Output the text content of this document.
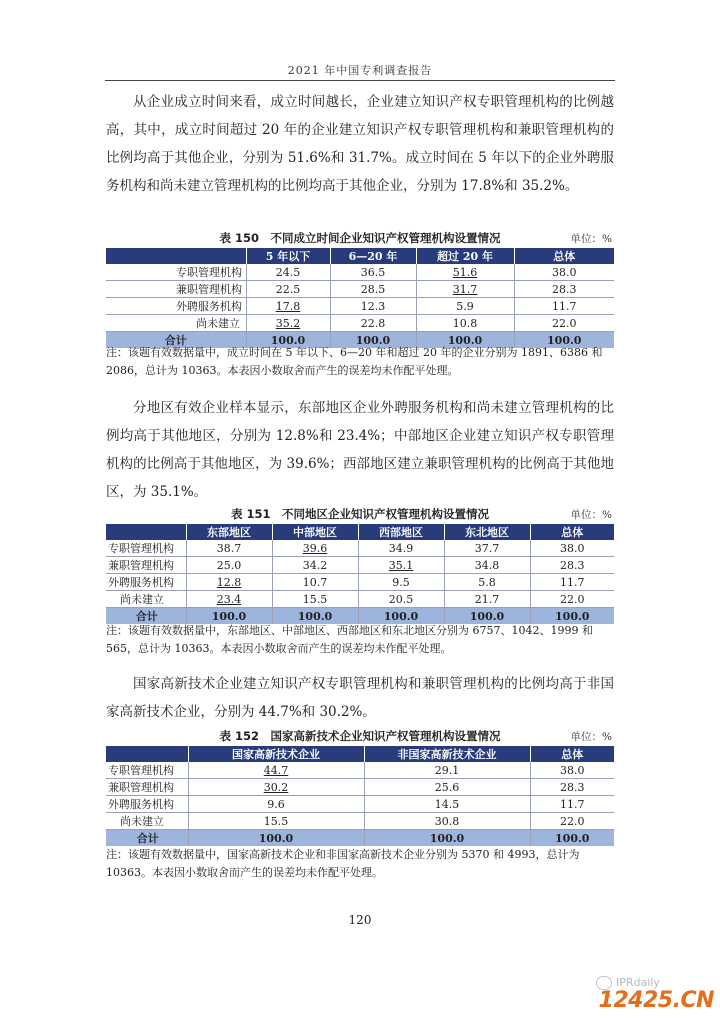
2021 年中国专利调查报告

从企业成立时间来看，成立时间越长，企业建立知识产权专职管理机构的比例越高，其中，成立时间超过 20 年的企业建立知识产权专职管理机构和兼职管理机构的比例均高于其他企业，分别为 51.6%和 31.7%。成立时间在 5 年以下的企业外聘服务机构和尚未建立管理机构的比例均高于其他企业，分别为 17.8%和 35.2%。

表 150　不同成立时间企业知识产权管理机构设置情况	单位：%
	5 年以下	6—20 年	超过 20 年	总体
专职管理机构	24.5	36.5	51.6	38.0
兼职管理机构	22.5	28.5	31.7	28.3
外聘服务机构	17.8	12.3	5.9	11.7
尚未建立	35.2	22.8	10.8	22.0
合计	100.0	100.0	100.0	100.0

注：该题有效数据量中，成立时间在 5 年以下、6—20 年和超过 20 年的企业分别为 1891、6386 和 2086，总计为 10363。本表因小数取舍而产生的误差均未作配平处理。

分地区有效企业样本显示，东部地区企业外聘服务机构和尚未建立管理机构的比例均高于其他地区，分别为 12.8%和 23.4%；中部地区企业建立知识产权专职管理机构的比例高于其他地区，为 39.6%；西部地区建立兼职管理机构的比例高于其他地区，为 35.1%。

表 151　不同地区企业知识产权管理机构设置情况	单位：%
	东部地区	中部地区	西部地区	东北地区	总体
专职管理机构	38.7	39.6	34.9	37.7	38.0
兼职管理机构	25.0	34.2	35.1	34.8	28.3
外聘服务机构	12.8	10.7	9.5	5.8	11.7
尚未建立	23.4	15.5	20.5	21.7	22.0
合计	100.0	100.0	100.0	100.0	100.0

注：该题有效数据量中，东部地区、中部地区、西部地区和东北地区分别为 6757、1042、1999 和 565，总计为 10363。本表因小数取舍而产生的误差均未作配平处理。

国家高新技术企业建立知识产权专职管理机构和兼职管理机构的比例均高于非国家高新技术企业，分别为 44.7%和 30.2%。

表 152　国家高新技术企业知识产权管理机构设置情况	单位：%
	国家高新技术企业	非国家高新技术企业	总体
专职管理机构	44.7	29.1	38.0
兼职管理机构	30.2	25.6	28.3
外聘服务机构	9.6	14.5	11.7
尚未建立	15.5	30.8	22.0
合计	100.0	100.0	100.0

注：该题有效数据量中，国家高新技术企业和非国家高新技术企业分别为 5370 和 4993，总计为 10363。本表因小数取舍而产生的误差均未作配平处理。

120
IPRdaily
12425.CN
